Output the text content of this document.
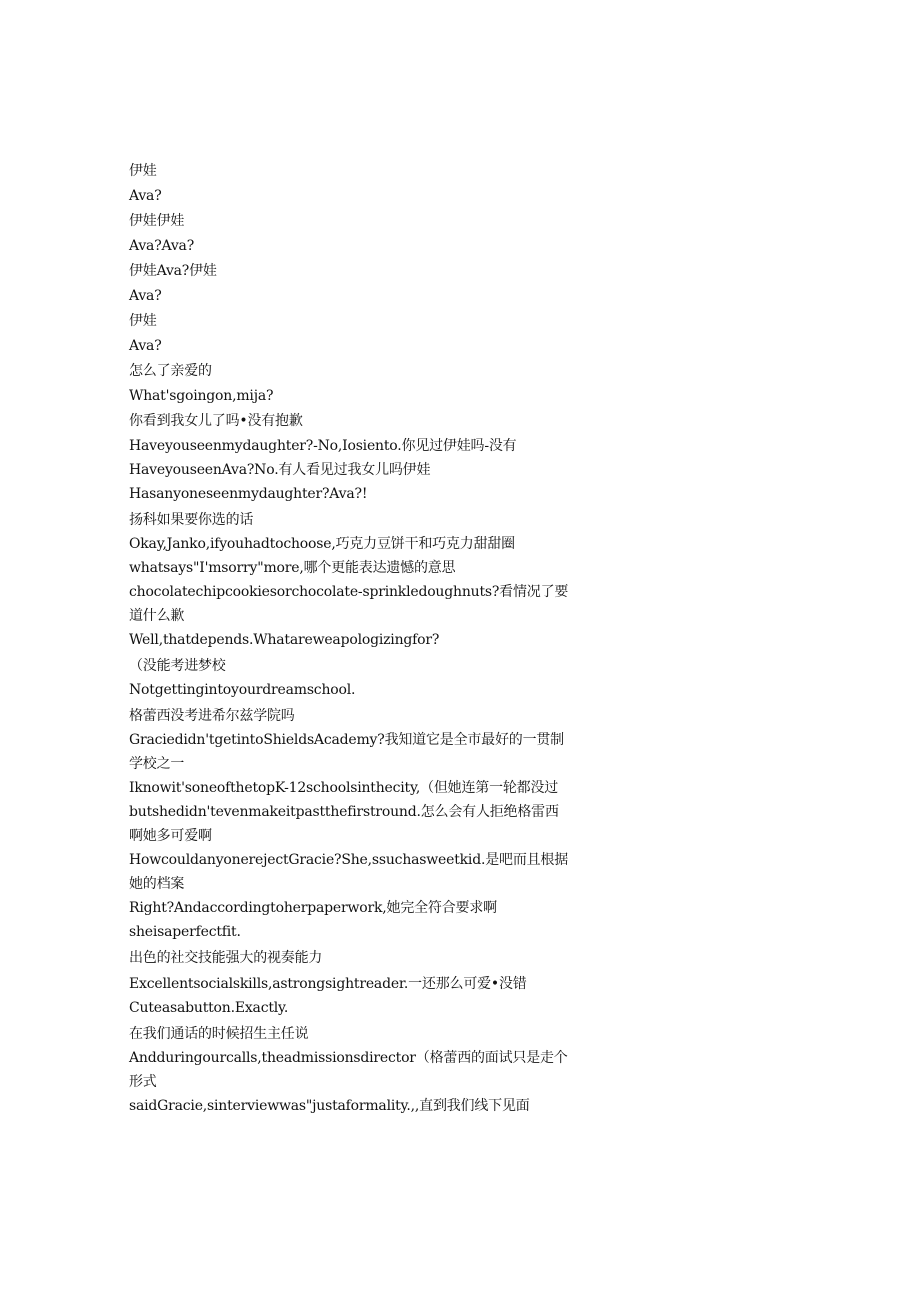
伊娃

Ava?

伊娃伊娃

Ava?Ava?

伊娃Ava?伊娃

Ava?

伊娃

Ava?

怎么了亲爱的

What'sgoingon,mija?

你看到我女儿了吗•没有抱歉

Haveyouseenmydaughter?-No,Iosiento.你见过伊娃吗-没有

HaveyouseenAva?No.有人看见过我女儿吗伊娃

Hasanyoneseenmydaughter?Ava?!

扬科如果要你选的话

Okay,Janko,ifyouhadtochoose,巧克力豆饼干和巧克力甜甜圈

whatsays"I'msorry"more,哪个更能表达遗憾的意思

chocolatechipcookiesorchocolate-sprinkledoughnuts?看情况了要道什么歉

Well,thatdepends.Whatareweapologizingfor?

（没能考进梦校

Notgettingintoyourdreamschool.

格蕾西没考进希尔兹学院吗

Graciedidn'tgetintoShieldsAcademy?我知道它是全市最好的一贯制学校之一

Iknowit'soneofthetopK-12schoolsinthecity,（但她连第一轮都没过

butshedidn'tevenmakeitpastthefirstround.怎么会有人拒绝格雷西啊她多可爱啊

HowcouldanyonerejectGracie?She,ssuchasweetkid.是吧而且根据她的档案

Right?Andaccordingtoherpaperwork,她完全符合要求啊

sheisaperfectfit.

出色的社交技能强大的视奏能力

Excellentsocialskills,astrongsightreader.一还那么可爱•没错

Cuteasabutton.Exactly.

在我们通话的时候招生主任说

Andduringourcalls,theadmissionsdirector（格蕾西的面试只是走个形式

saidGracie,sinterviewwas"justaformality.,,直到我们线下见面
